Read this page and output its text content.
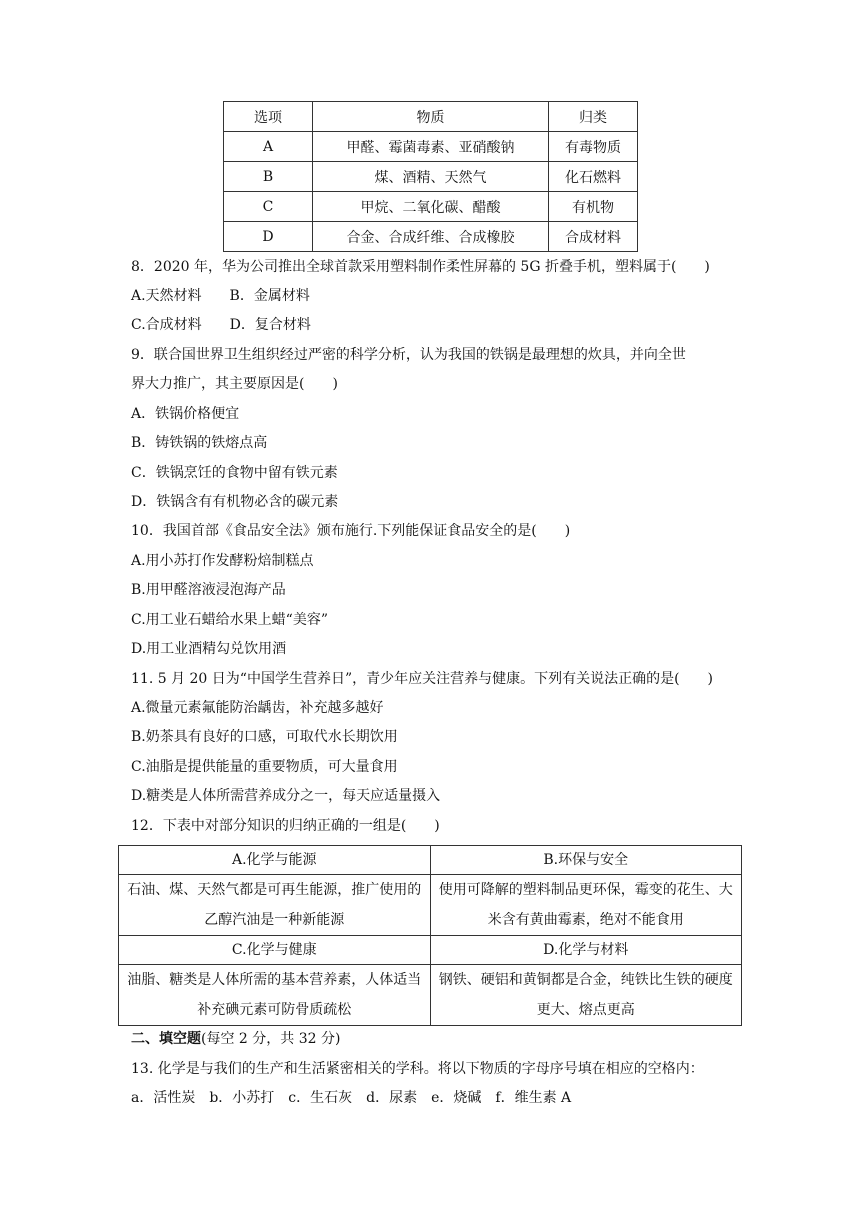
选项	物质	归类
A	甲醛、霉菌毒素、亚硝酸钠	有毒物质
B	煤、酒精、天然气	化石燃料
C	甲烷、二氧化碳、醋酸	有机物
D	合金、合成纤维、合成橡胶	合成材料
8．2020 年，华为公司推出全球首款采用塑料制作柔性屏幕的 5G 折叠手机，塑料属于(　　)
A.天然材料　　B．金属材料
C.合成材料　　D．复合材料
9．联合国世界卫生组织经过严密的科学分析，认为我国的铁锅是最理想的炊具，并向全世
界大力推广，其主要原因是(　　)
A．铁锅价格便宜
B．铸铁锅的铁熔点高
C．铁锅烹饪的食物中留有铁元素
D．铁锅含有有机物必含的碳元素
10．我国首部《食品安全法》颁布施行.下列能保证食品安全的是(　　)
A.用小苏打作发酵粉焙制糕点
B.用甲醛溶液浸泡海产品
C.用工业石蜡给水果上蜡“美容”
D.用工业酒精勾兑饮用酒
11. 5 月 20 日为“中国学生营养日”，青少年应关注营养与健康。下列有关说法正确的是(　　)
A.微量元素氟能防治龋齿，补充越多越好
B.奶茶具有良好的口感，可取代水长期饮用
C.油脂是提供能量的重要物质，可大量食用
D.糖类是人体所需营养成分之一，每天应适量摄入
12．下表中对部分知识的归纳正确的一组是(　　)
A.化学与能源	B.环保与安全
石油、煤、天然气都是可再生能源，推广使用的乙醇汽油是一种新能源	使用可降解的塑料制品更环保，霉变的花生、大米含有黄曲霉素，绝对不能食用
C.化学与健康	D.化学与材料
油脂、糖类是人体所需的基本营养素，人体适当补充碘元素可防骨质疏松	钢铁、硬铝和黄铜都是合金，纯铁比生铁的硬度更大、熔点更高
二、填空题(每空 2 分，共 32 分)
13. 化学是与我们的生产和生活紧密相关的学科。将以下物质的字母序号填在相应的空格内：
a．活性炭　b．小苏打　c．生石灰　d．尿素　e．烧碱　f．维生素 A
